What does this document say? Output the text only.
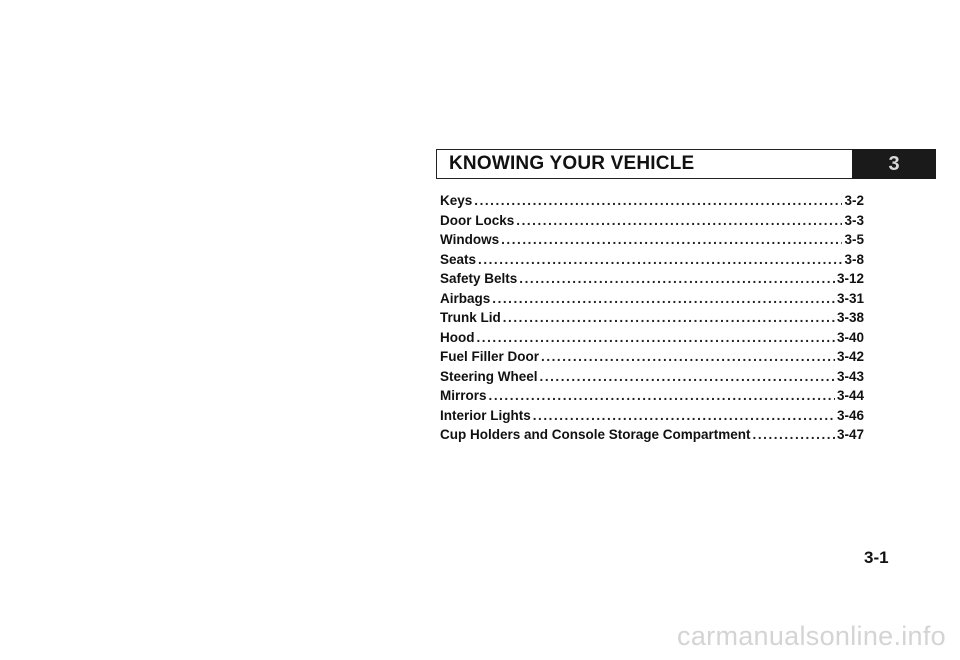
KNOWING YOUR VEHICLE	3
Keys . . .	3-2
Door Locks . . .	3-3
Windows . . .	3-5
Seats . . .	3-8
Safety Belts . . .	3-12
Airbags . . .	3-31
Trunk Lid . . .	3-38
Hood . . .	3-40
Fuel Filler Door . . .	3-42
Steering Wheel . . .	3-43
Mirrors . . .	3-44
Interior Lights . . .	3-46
Cup Holders and Console Storage Compartment . . .	3-47
3-1
carmanualsonline.info
